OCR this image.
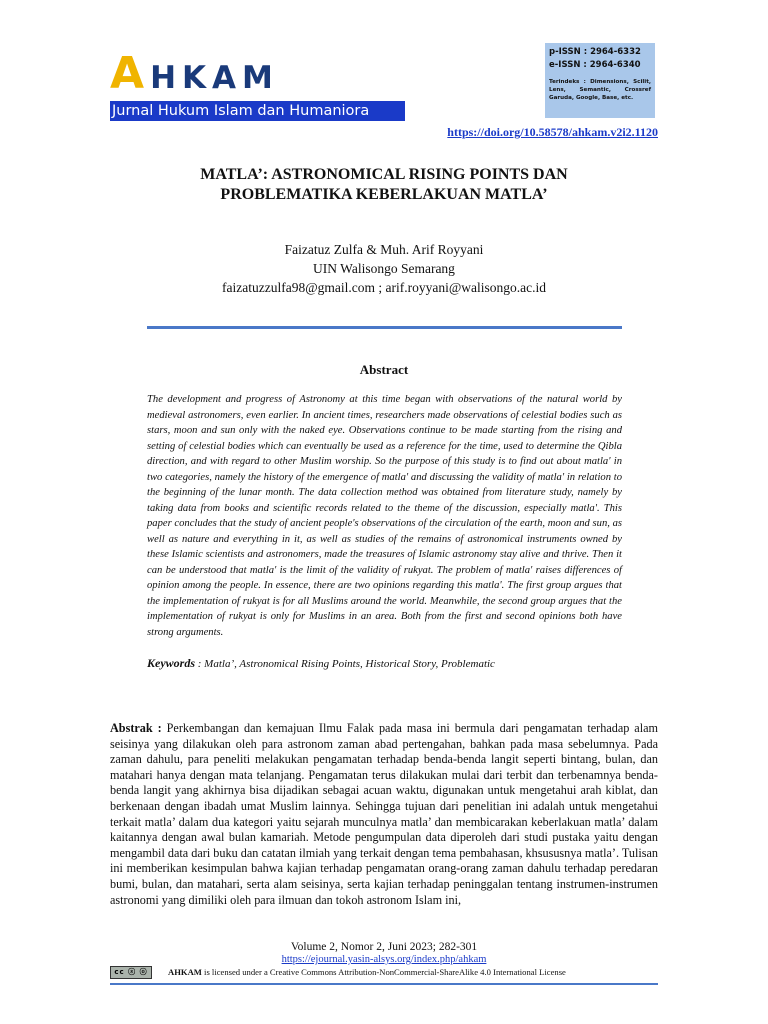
AHKAM
Jurnal Hukum Islam dan Humaniora
p-ISSN : 2964-6332
e-ISSN : 2964-6340
Terindeks : Dimensions, Scilit, Lens, Semantic, Crossref Garuda, Google, Base, etc.
https://doi.org/10.58578/ahkam.v2i2.1120
MATLA’: ASTRONOMICAL RISING POINTS DAN
PROBLEMATIKA KEBERLAKUAN MATLA’
Faizatuz Zulfa & Muh. Arif Royyani
UIN Walisongo Semarang
faizatuzzulfa98@gmail.com ; arif.royyani@walisongo.ac.id
Abstract

The development and progress of Astronomy at this time began with observations of the natural world by medieval astronomers, even earlier. In ancient times, researchers made observations of celestial bodies such as stars, moon and sun only with the naked eye. Observations continue to be made starting from the rising and setting of celestial bodies which can eventually be used as a reference for the time, used to determine the Qibla direction, and with regard to other Muslim worship. So the purpose of this study is to find out about matla' in two categories, namely the history of the emergence of matla' and discussing the validity of matla' in relation to the beginning of the lunar month. The data collection method was obtained from literature study, namely by taking data from books and scientific records related to the theme of the discussion, especially matla'. This paper concludes that the study of ancient people's observations of the circulation of the earth, moon and sun, as well as nature and everything in it, as well as studies of the remains of astronomical instruments owned by these Islamic scientists and astronomers, made the treasures of Islamic astronomy stay alive and thrive. Then it can be understood that matla' is the limit of the validity of rukyat. The problem of matla' raises differences of opinion among the people. In essence, there are two opinions regarding this matla'. The first group argues that the implementation of rukyat is for all Muslims around the world. Meanwhile, the second group argues that the implementation of rukyat is only for Muslims in an area. Both from the first and second opinions both have strong arguments.

Keywords : Matla’, Astronomical Rising Points, Historical Story, Problematic

Abstrak : Perkembangan dan kemajuan Ilmu Falak pada masa ini bermula dari pengamatan terhadap alam seisinya yang dilakukan oleh para astronom zaman abad pertengahan, bahkan pada masa sebelumnya. Pada zaman dahulu, para peneliti melakukan pengamatan terhadap benda-benda langit seperti bintang, bulan, dan matahari hanya dengan mata telanjang. Pengamatan terus dilakukan mulai dari terbit dan terbenamnya benda-benda langit yang akhirnya bisa dijadikan sebagai acuan waktu, digunakan untuk mengetahui arah kiblat, dan berkenaan dengan ibadah umat Muslim lainnya. Sehingga tujuan dari penelitian ini adalah untuk mengetahui terkait matla’ dalam dua kategori yaitu sejarah munculnya matla’ dan membicarakan keberlakuan matla’ dalam kaitannya dengan awal bulan kamariah. Metode pengumpulan data diperoleh dari studi pustaka yaitu dengan mengambil data dari buku dan catatan ilmiah yang terkait dengan tema pembahasan, khsususnya matla’. Tulisan ini memberikan kesimpulan bahwa kajian terhadap pengamatan orang-orang zaman dahulu terhadap peredaran bumi, bulan, dan matahari, serta alam seisinya, serta kajian terhadap peninggalan tentang instrumen-instrumen astronomi yang dimiliki oleh para ilmuan dan tokoh astronom Islam ini,

Volume 2, Nomor 2, Juni 2023; 282-301
https://ejournal.yasin-alsys.org/index.php/ahkam
cc ⓢ ⓞ	AHKAM is licensed under a Creative Commons Attribution-NonCommercial-ShareAlike 4.0 International License
